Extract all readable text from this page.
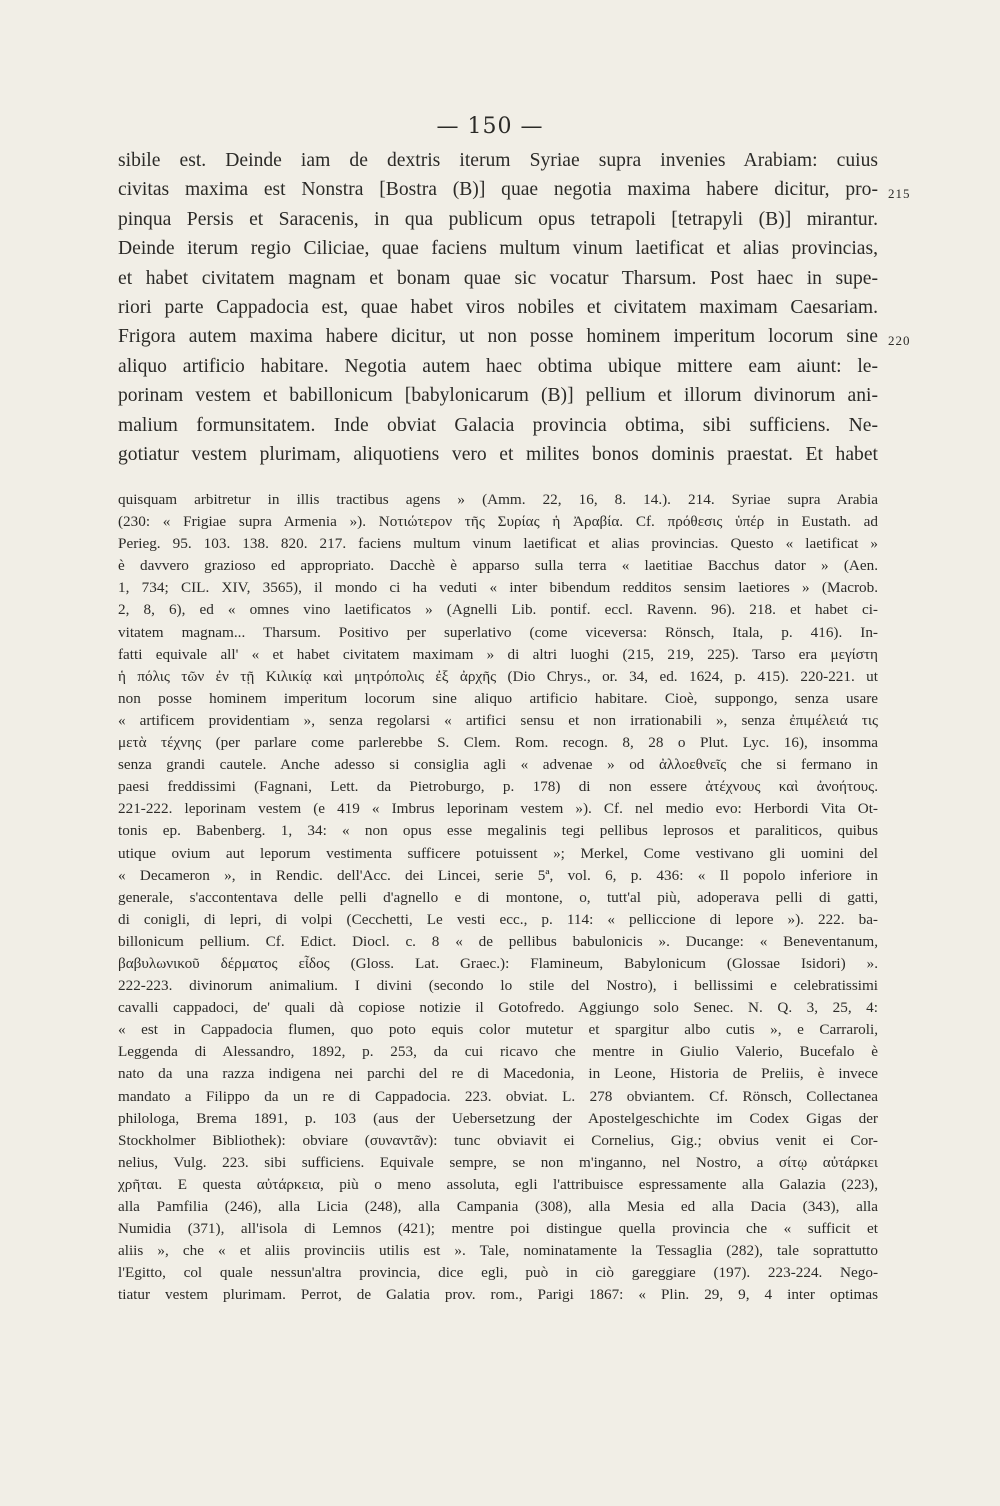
— 150 —
sibile est. Deinde iam de dextris iterum Syriae supra invenies Arabiam: cuius
civitas maxima est Nonstra [Bostra (B)] quae negotia maxima habere dicitur, pro- 215
pinqua Persis et Saracenis, in qua publicum opus tetrapoli [tetrapyli (B)] mirantur.
Deinde iterum regio Ciliciae, quae faciens multum vinum laetificat et alias provincias,
et habet civitatem magnam et bonam quae sic vocatur Tharsum. Post haec in supe-
riori parte Cappadocia est, quae habet viros nobiles et civitatem maximam Caesariam.
Frigora autem maxima habere dicitur, ut non posse hominem imperitum locorum sine 220
aliquo artificio habitare. Negotia autem haec obtima ubique mittere eam aiunt: le-
porinam vestem et babillonicum [babylonicarum (B)] pellium et illorum divinorum ani-
malium formunsitatem. Inde obviat Galacia provincia obtima, sibi sufficiens. Ne-
gotiatur vestem plurimam, aliquotiens vero et milites bonos dominis praestat. Et habet
quisquam arbitretur in illis tractibus agens » (Amm. 22, 16, 8. 14.). 214. Syriae supra Arabia
(230: « Frigiae supra Armenia »). Νοτιώτερον τῆς Συρίας ἡ Ἀραβία. Cf. πρόθεσις ὑπέρ in Eustath. ad
Perieg. 95. 103. 138. 820. 217. faciens multum vinum laetificat et alias provincias. Questo « laetificat »
è davvero grazioso ed appropriato. Dacchè è apparso sulla terra « laetitiae Bacchus dator » (Aen.
1, 734; CIL. XIV, 3565), il mondo ci ha veduti « inter bibendum redditos sensim laetiores » (Macrob.
2, 8, 6), ed « omnes vino laetificatos » (Agnelli Lib. pontif. eccl. Ravenn. 96). 218. et habet ci-
vitatem magnam... Tharsum. Positivo per superlativo (come viceversa: Rönsch, Itala, p. 416). In-
fatti equivale all' « et habet civitatem maximam » di altri luoghi (215, 219, 225). Tarso era μεγίστη
ἡ πόλις τῶν ἐν τῇ Κιλικίᾳ καὶ μητρόπολις ἐξ ἀρχῆς (Dio Chrys., or. 34, ed. 1624, p. 415). 220-221. ut
non posse hominem imperitum locorum sine aliquo artificio habitare. Cioè, suppongo, senza usare
« artificem providentiam », senza regolarsi « artifici sensu et non irrationabili », senza ἐπιμέλειά τις
μετὰ τέχνης (per parlare come parlerebbe S. Clem. Rom. recogn. 8, 28 o Plut. Lyc. 16), insomma
senza grandi cautele. Anche adesso si consiglia agli « advenae » od ἀλλοεθνεῖς che si fermano in
paesi freddissimi (Fagnani, Lett. da Pietroburgo, p. 178) di non essere ἀτέχνους καὶ ἀνοήτους.
221-222. leporinam vestem (e 419 « Imbrus leporinam vestem »). Cf. nel medio evo: Herbordi Vita Ot-
tonis ep. Babenberg. 1, 34: « non opus esse megalinis tegi pellibus leprosos et paraliticos, quibus
utique ovium aut leporum vestimenta sufficere potuissent »; Merkel, Come vestivano gli uomini del
« Decameron », in Rendic. dell'Acc. dei Lincei, serie 5ª, vol. 6, p. 436: « Il popolo inferiore in
generale, s'accontentava delle pelli d'agnello e di montone, o, tutt'al più, adoperava pelli di gatti,
di conigli, di lepri, di volpi (Cecchetti, Le vesti ecc., p. 114: « pelliccione di lepore »). 222. ba-
billonicum pellium. Cf. Edict. Diocl. c. 8 « de pellibus babulonicis ». Ducange: « Beneventanum,
βαβυλωνικοῦ δέρματος εἶδος (Gloss. Lat. Graec.): Flamineum, Babylonicum (Glossae Isidori) ».
222-223. divinorum animalium. I divini (secondo lo stile del Nostro), i bellissimi e celebratissimi
cavalli cappadoci, de' quali dà copiose notizie il Gotofredo. Aggiungo solo Senec. N. Q. 3, 25, 4:
« est in Cappadocia flumen, quo poto equis color mutetur et spargitur albo cutis », e Carraroli,
Leggenda di Alessandro, 1892, p. 253, da cui ricavo che mentre in Giulio Valerio, Bucefalo è
nato da una razza indigena nei parchi del re di Macedonia, in Leone, Historia de Preliis, è invece
mandato a Filippo da un re di Cappadocia. 223. obviat. L. 278 obviantem. Cf. Rönsch, Collectanea
philologa, Brema 1891, p. 103 (aus der Uebersetzung der Apostelgeschichte im Codex Gigas der
Stockholmer Bibliothek): obviare (συναντᾶν): tunc obviavit ei Cornelius, Gig.; obvius venit ei Cor-
nelius, Vulg. 223. sibi sufficiens. Equivale sempre, se non m'inganno, nel Nostro, a σίτῳ αὐτάρκει
χρῆται. E questa αὐτάρκεια, più o meno assoluta, egli l'attribuisce espressamente alla Galazia (223),
alla Pamfilia (246), alla Licia (248), alla Campania (308), alla Mesia ed alla Dacia (343), alla
Numidia (371), all'isola di Lemnos (421); mentre poi distingue quella provincia che « sufficit et
aliis », che « et aliis provinciis utilis est ». Tale, nominatamente la Tessaglia (282), tale soprattutto
l'Egitto, col quale nessun'altra provincia, dice egli, può in ciò gareggiare (197). 223-224. Nego-
tiatur vestem plurimam. Perrot, de Galatia prov. rom., Parigi 1867: « Plin. 29, 9, 4 inter optimas
